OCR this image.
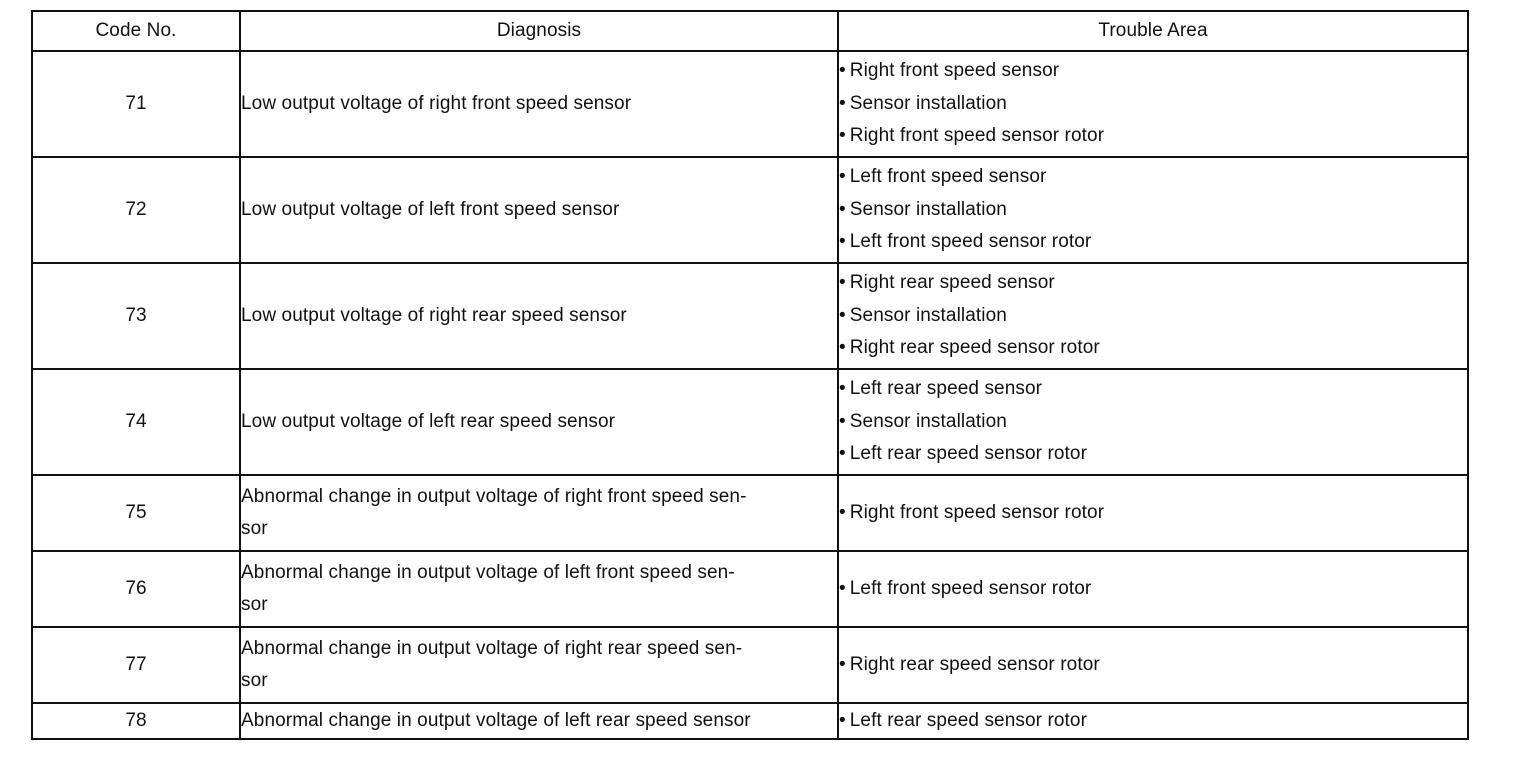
Code No.	Diagnosis	Trouble Area
71	Low output voltage of right front speed sensor	• Right front speed sensor
• Sensor installation
• Right front speed sensor rotor

72	Low output voltage of left front speed sensor	• Left front speed sensor
• Sensor installation
• Left front speed sensor rotor

73	Low output voltage of right rear speed sensor	• Right rear speed sensor
• Sensor installation
• Right rear speed sensor rotor

74	Low output voltage of left rear speed sensor	• Left rear speed sensor
• Sensor installation
• Left rear speed sensor rotor

75	Abnormal change in output voltage of right front speed sen-
sor	• Right front speed sensor rotor

76	Abnormal change in output voltage of left front speed sen-
sor	• Left front speed sensor rotor

77	Abnormal change in output voltage of right rear speed sen-
sor	• Right rear speed sensor rotor

78	Abnormal change in output voltage of left rear speed sensor	• Left rear speed sensor rotor
